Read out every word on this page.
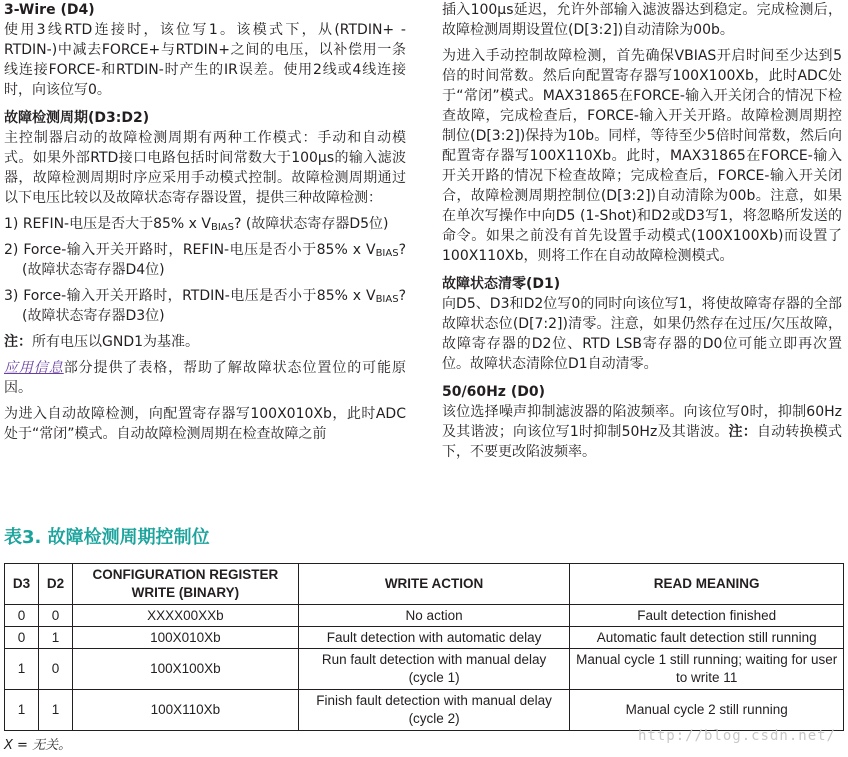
3-Wire (D4)

使用3线RTD连接时，该位写1。该模式下，从(RTDIN+ - RTDIN-)中减去FORCE+与RTDIN+之间的电压，以补偿用一条线连接FORCE-和RTDIN-时产生的IR误差。使用2线或4线连接时，向该位写0。

故障检测周期(D3:D2)

主控制器启动的故障检测周期有两种工作模式：手动和自动模式。如果外部RTD接口电路包括时间常数大于100μs的输入滤波器，故障检测周期时序应采用手动模式控制。故障检测周期通过以下电压比较以及故障状态寄存器设置，提供三种故障检测：

1) REFIN-电压是否大于85% x $V_{BIAS}$? (故障状态寄存器D5位)

2) Force-输入开关开路时，REFIN-电压是否小于85% x $V_{BIAS}$? (故障状态寄存器D4位)

3) Force-输入开关开路时，RTDIN-电压是否小于85% x $V_{BIAS}$? (故障状态寄存器D3位)

注：所有电压以GND1为基准。

应用信息部分提供了表格，帮助了解故障状态位置位的可能原因。

为进入自动故障检测，向配置寄存器写100X010Xb，此时ADC处于“常闭”模式。自动故障检测周期在检查故障之前

插入100μs延迟，允许外部输入滤波器达到稳定。完成检测后，故障检测周期设置位(D[3:2])自动清除为00b。

为进入手动控制故障检测，首先确保VBIAS开启时间至少达到5倍的时间常数。然后向配置寄存器写100X100Xb，此时ADC处于“常闭”模式。MAX31865在FORCE-输入开关闭合的情况下检查故障，完成检查后，FORCE-输入开关开路。故障检测周期控制位(D[3:2])保持为10b。同样，等待至少5倍时间常数，然后向配置寄存器写100X110Xb。此时，MAX31865在FORCE-输入开关开路的情况下检查故障；完成检查后，FORCE-输入开关闭合，故障检测周期控制位(D[3:2])自动清除为00b。注意，如果在单次写操作中向D5 (1-Shot)和D2或D3写1，将忽略所发送的命令。如果之前没有首先设置手动模式(100X100Xb)而设置了100X110Xb，则将工作在自动故障检测模式。

故障状态清零(D1)

向D5、D3和D2位写0的同时向该位写1，将使故障寄存器的全部故障状态位(D[7:2])清零。注意，如果仍然存在过压/欠压故障，故障寄存器的D2位、RTD LSB寄存器的D0位可能立即再次置位。故障状态清除位D1自动清零。

50/60Hz (D0)

该位选择噪声抑制滤波器的陷波频率。向该位写0时，抑制60Hz及其谐波；向该位写1时抑制50Hz及其谐波。注：自动转换模式下，不要更改陷波频率。

表3. 故障检测周期控制位

D3	D2	CONFIGURATION REGISTER WRITE (BINARY)	WRITE ACTION	READ MEANING
0	0	XXXX00XXb	No action	Fault detection finished
0	1	100X010Xb	Fault detection with automatic delay	Automatic fault detection still running
1	0	100X100Xb	Run fault detection with manual delay (cycle 1)	Manual cycle 1 still running; waiting for user to write 11
1	1	100X110Xb	Finish fault detection with manual delay (cycle 2)	Manual cycle 2 still running

X = 无关。

http://blog.csdn.net/
